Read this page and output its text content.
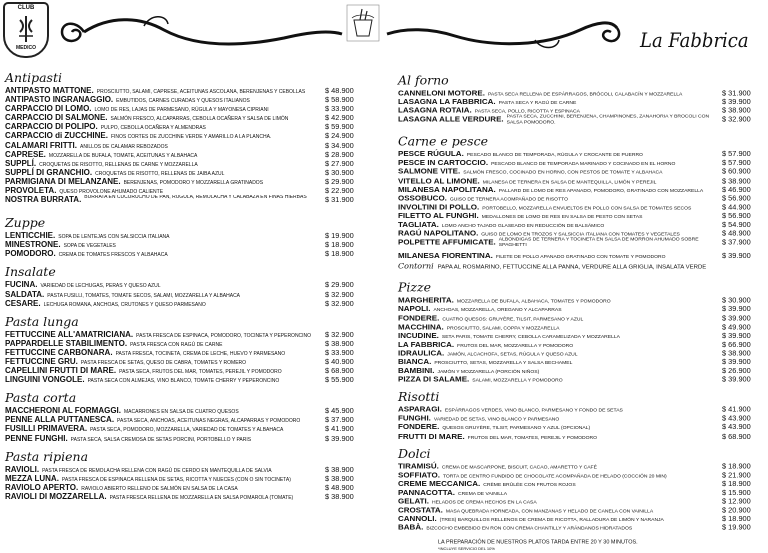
CLUB
MEDICO	La Fabbrica
Antipasti
ANTIPASTO MATTONE. PROSCIUTTO, SALAMI, CAPRESE, ACEITUNAS ASCOLANA, BERENJENAS Y CEBOLLAS	$ 48.900
ANTIPASTO INGRANAGGIO. EMBUTIDOS, CARNES CURADAS Y QUESOS ITALIANOS	$ 58.900
CARPACCIO DI LOMO. LOMO DE RES, LAJAS DE PARMESANO, RÚGULA Y MAYONESA CIPRIANI	$ 33.900
CARPACCIO DI SALMONE. SALMÓN FRESCO, ALCAPARRAS, CEBOLLA OCAÑERA Y SALSA DE LIMÓN	$ 42.900
CARPACCIO DI POLIPO. PULPO, CEBOLLA OCAÑERA Y ALMENDRAS	$ 59.900
CARPACCIO di ZUCCHINE. FINOS CORTES DE ZUCCHINE VERDE Y AMARILLO A LA PLANCHA.	$ 24.900
CALAMARI FRITTI. ANILLOS DE CALAMAR REBOZADOS	$ 34.900
CAPRESE. MOZZARELLA DE BUFALA, TOMATE, ACEITUNAS Y ALBAHACA	$ 28.900
SUPPLÍ. CROQUETAS DE RISOTTO, RELLENAS DE CARNE Y MOZZARELLA	$ 27.900
SUPPLÍ DI GRANCHIO. CROQUETAS DE RISOTTO, RELLENAS DE JAIBA AZUL	$ 30.900
PARMIGIANA DI MELANZANE. BERENJENAS, POMODORO Y MOZZARELLA GRATINADOS	$ 29.900
PROVOLETA. QUESO PROVOLONE AHUMADO CALIENTE	$ 22.900
NOSTRA BURRATA. BURRATA EN CUCURUCHO DE PAN, RÚGULA, REMOLACHA Y CALABAZA EN FINAS HIERBAS	$ 31.900
Zuppe
LENTICCHIE. SOPA DE LENTEJAS CON SALSICCIA ITALIANA	$ 19.900
MINESTRONE. SOPA DE VEGETALES	$ 18.900
POMODORO. CREMA DE TOMATES FRESCOS Y ALBAHACA	$ 18.900
Insalate
FUCINA. VARIEDAD DE LECHUGAS, PERAS Y QUESO AZUL	$ 29.900
SALDATA. PASTA FUSILLI, TOMATES, TOMATE SECOS, SALAMI, MOZZARELLA Y ALBAHACA	$ 32.900
CESARE. LECHUGA ROMANA, ANCHOAS, CRUTONES Y QUESO PARMESANO	$ 32.900
Pasta lunga
FETTUCCINE ALL'AMATRICIANA. PASTA FRESCA DE ESPINACA, POMODORO, TOCINETA Y PEPERONCINO	$ 32.900
PAPPARDELLE STABILIMENTO. PASTA FRESCA CON RAGÚ DE CARNE	$ 38.900
FETTUCCINE CARBONARA. PASTA FRESCA, TOCINETA, CREMA DE LECHE, HUEVO Y PARMESANO	$ 33.900
FETTUCCINE GRU. PASTA FRESCA DE SETAS, QUESO DE CABRA, TOMATES Y ROMERO	$ 40.900
CAPELLINI FRUTTI DI MARE. PASTA SECA, FRUTOS DEL MAR, TOMATES, PEREJIL Y POMODORO	$ 68.900
LINGUINI VONGOLE. PASTA SECA CON ALMEJAS, VINO BLANCO, TOMATE CHERRY Y PEPERONCINO	$ 55.900
Pasta corta
MACCHERONI AL FORMAGGI. MACARRONES EN SALSA DE CUATRO QUESOS	$ 45.900
PENNE ALLA PUTTANESCA. PASTA SECA, ANCHOAS, ACEITUNAS NEGRAS, ALCAPARRAS Y POMODORO	$ 37.900
FUSILLI PRIMAVERA. PASTA SECA, POMODORO, MOZZARELLA, VARIEDAD DE TOMATES Y ALBAHACA	$ 41.900
PENNE FUNGHI. PASTA SECA, SALSA CREMOSA DE SETAS PORCINI, PORTOBELLO Y PARIS	$ 39.900
Pasta ripiena
RAVIOLI. PASTA FRESCA DE REMOLACHA RELLENA CON RAGÚ DE CERDO EN MANTEQUILLA DE SALVIA	$ 38.900
MEZZA LUNA. PASTA FRESCA DE ESPINACA RELLENA DE SETAS, RICOTTA Y NUECES (CON O SIN TOCINETA)	$ 38.900
RAVIOLO APERTO. RAVIOLO ABIERTO RELLENO DE SALMÓN EN SALSA DE LA CASA	$ 48.900
RAVIOLI DI MOZZARELLA. PASTA FRESCA RELLENA DE MOZZARELLA EN SALSA POMAROLA (TOMATE)	$ 38.900
Al forno
CANNELONI MOTORE. PASTA SECA RELLENA DE ESPÁRRAGOS, BRÓCOLI, CALABACÍN Y MOZZARELLA	$ 31.900
LASAGNA LA FABBRICA. PASTA SECA Y RAGÚ DE CARNE	$ 39.900
LASAGNA ROTAIA. PASTA SECA, POLLO, RICOTTA Y ESPINACA	$ 38.900
LASAGNA ALLE VERDURE. PASTA SECA, ZUCCHINI, BERENJENA, CHAMPIÑONES, ZANAHORIA Y BRÓCOLI CON SALSA POMODORO.	$ 32.900
Carne e pesce
PESCE RÚGULA. PESCADO BLANCO DE TEMPORADA, RÚGULA Y CROCANTE DE PUERRO	$ 57.900
PESCE IN CARTOCCIO. PESCADO BLANCO DE TEMPORADA MARINADO Y COCINADO EN EL HORNO	$ 57.900
SALMONE VITE. SALMÓN FRESCO, COCINADO EN HORNO, CON PESTOS DE TOMATE Y ALBAHACA	$ 60.900
VITELLO AL LIMONE. MILANESA DE TERNERA EN SALSA DE MANTEQUILLA, LIMÓN Y PEREJIL	$ 38.900
MILANESA NAPOLITANA. PALLARD DE LOMO DE RES APANADO, POMODORO, GRATINADO CON MOZZARELLA	$ 46.900
OSSOBUCO. GUISO DE TERNERA ACOMPAÑADO DE RISOTTO	$ 56.900
INVOLTINI DI POLLO. PORTOBELLO, MOZZARELLA ENVUELTOS EN POLLO CON SALSA DE TOMATES SECOS	$ 44.900
FILETTO AL FUNGHI. MEDALLONES DE LOMO DE RES EN SALSA DE PESTO CON SETAS	$ 56.900
TAGLIATA. LOMO ANCHO TAJADO GLASEADO EN REDUCCIÓN DE BALSÁMICO	$ 54.900
RAGÚ NAPOLITANO. GUISO DE LOMO EN TROZOS Y SALSICCIA ITALIANA CON TOMATES Y VEGETALES	$ 48.900
POLPETTE AFFUMICATE. ALBÓNDIGAS DE TERNERA Y TOCINETA EN SALSA DE MORRÓN AHUMADO SOBRE SPAGHETTI	$ 37.900
MILANESA FIORENTINA. FILETE DE POLLO APANADO GRATINADO CON TOMATE Y POMODORO	$ 39.900
Contorni PAPA AL ROSMARINO, FETTUCCINE ALLA PANNA, VERDURE ALLA GRIGLIA, INSALATA VERDE
Pizze
MARGHERITA. MOZZARELLA DE BUFALA, ALBAHACA, TOMATES Y POMODORO	$ 30.900
NAPOLI. ANCHOAS, MOZZARELLA, OREGANO Y ALCAPARRAS	$ 39.900
FONDERE. CUATRO QUESOS: GRUYÈRE, TILSIT, PARMESANO Y AZUL	$ 39.900
MACCHINA. PROSCIUTTO, SALAMI, COPPA Y MOZZARELLA	$ 49.900
INCUDINE. SETA PARIS, TOMATE CHERRY, CEBOLLA CARAMELIZADA Y MOZZARELLA	$ 39.900
LA FABBRICA. FRUTOS DEL MAR, MOZZARELLA Y POMODORO	$ 66.900
IDRAULICA. JAMÓN, ALCACHOFA, SETAS, RÚGULA Y QUESO AZUL	$ 38.900
BIANCA. PROSCIUTTO, SETAS, MOZZARELLA Y SALSA BECHAMEL	$ 39.900
BAMBINI. JAMÓN Y MOZZARELLA (PORCIÓN NIÑOS)	$ 26.900
PIZZA DI SALAME. SALAMI, MOZZARELLA Y POMODORO	$ 39.900
Risotti
ASPARAGI. ESPÁRRAGOS VERDES, VINO BLANCO, PARMESANO Y FONDO DE SETAS	$ 41.900
FUNGHI. VARIEDAD DE SETAS, VINO BLANCO Y PARMESANO	$ 43.900
FONDERE. QUESOS GRUYÈRE, TILSIT, PARMESANO Y AZUL (OPCIONAL)	$ 43.900
FRUTTI DI MARE. FRUTOS DEL MAR, TOMATES, PEREJIL Y POMODORO	$ 68.900
Dolci
TIRAMISÚ. CREMA DE MASCARPONE, BISCUIT, CACAO, AMARETTO Y CAFÉ	$ 18.900
SOFFIATO. TORTA DE CENTRO FUNDIDO DE CHOCOLATE ACOMPAÑADA DE HELADO (COCCIÓN 20 MIN)	$ 21.900
CREME MECCANICA. CRÈME BRÛLÉE CON FRUTOS ROJOS	$ 18.900
PANNACOTTA. CREMA DE VAINILLA	$ 15.900
GELATI. HELADOS DE CREMA HECHOS EN LA CASA	$ 12.900
CROSTATA. MASA QUEBRADA HORNEADA, CON MANZANAS Y HELADO DE CANELA CON VAINILLA	$ 20.900
CANNOLI. (TRES) BARQUILLOS RELLENOS DE CREMA DE RICOTTA, RALLADURA DE LIMÓN Y NARANJA	$ 18.900
BABÀ. BIZCOCHO EMBEBIDO EN RON CON CREMA CHANTILLY Y ARÁNDANOS HIDRATADOS	$ 19.900
LA PREPARACIÓN DE NUESTROS PLATOS TARDA ENTRE 20 Y 30 MINUTOS.
*INCLUYE SERVICIO DEL 10%
